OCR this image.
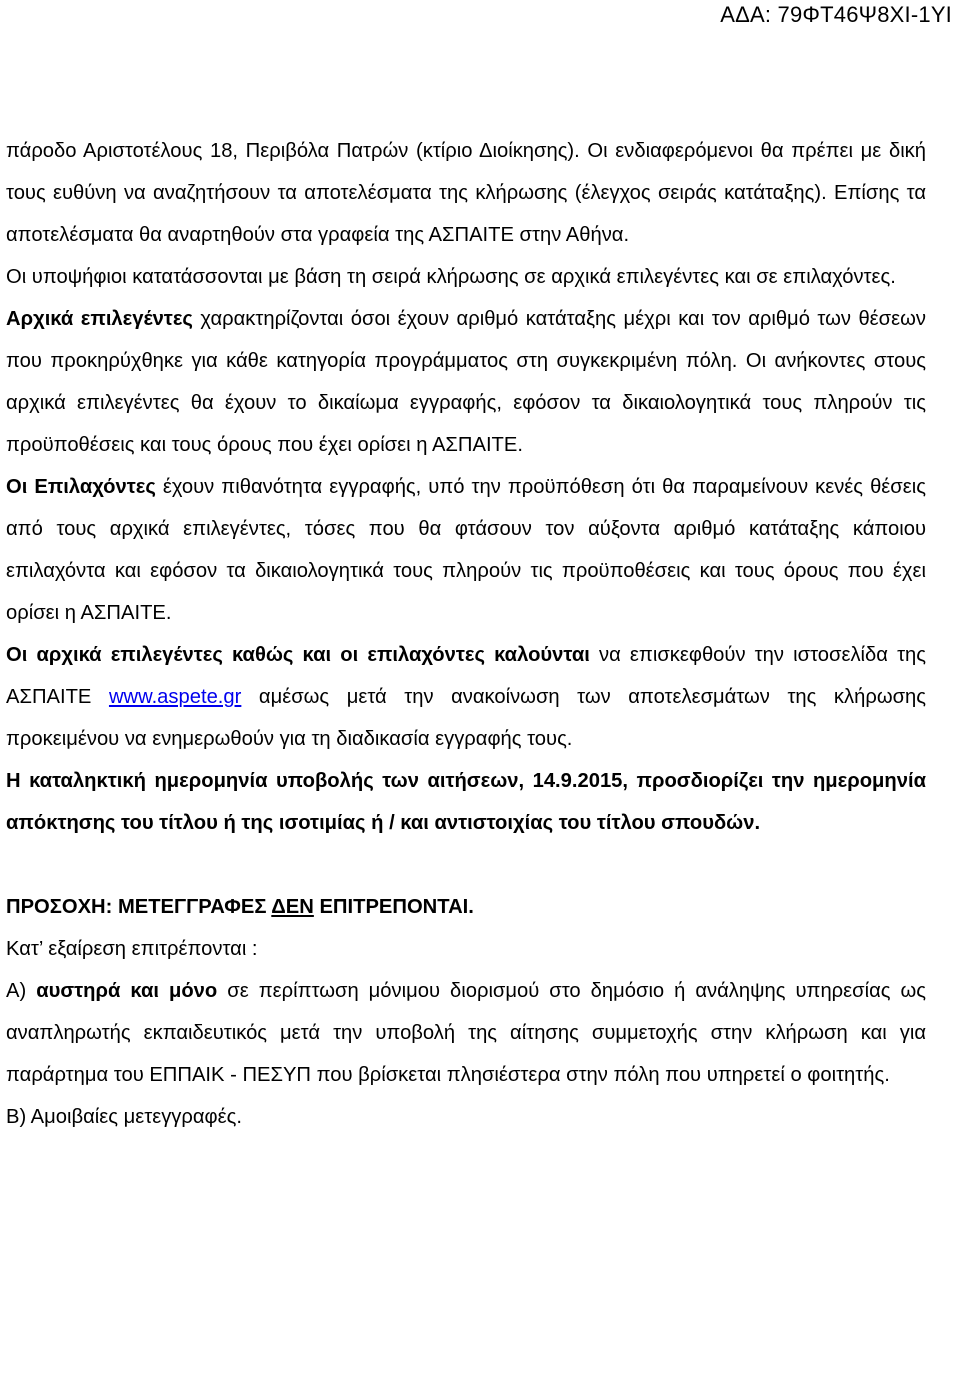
ΑΔΑ: 79ΦΤ46Ψ8ΧΙ-1ΥΙ

πάροδο Αριστοτέλους 18, Περιβόλα Πατρών (κτίριο Διοίκησης). Οι ενδιαφερόμενοι θα πρέπει με δική τους ευθύνη να αναζητήσουν τα αποτελέσματα της κλήρωσης (έλεγχος σειράς κατάταξης). Επίσης τα αποτελέσματα θα αναρτηθούν στα γραφεία της ΑΣΠΑΙΤΕ στην Αθήνα.

Οι υποψήφιοι κατατάσσονται με βάση τη σειρά κλήρωσης σε αρχικά επιλεγέντες και σε επιλαχόντες.

Αρχικά επιλεγέντες χαρακτηρίζονται όσοι έχουν αριθμό κατάταξης μέχρι και τον αριθμό των θέσεων που προκηρύχθηκε για κάθε κατηγορία προγράμματος στη συγκεκριμένη πόλη. Οι ανήκοντες στους αρχικά επιλεγέντες θα έχουν το δικαίωμα εγγραφής, εφόσον τα δικαιολογητικά τους πληρούν τις προϋποθέσεις και τους όρους που έχει ορίσει η ΑΣΠΑΙΤΕ.

Οι Επιλαχόντες έχουν πιθανότητα εγγραφής, υπό την προϋπόθεση ότι θα παραμείνουν κενές θέσεις από τους αρχικά επιλεγέντες, τόσες που θα φτάσουν τον αύξοντα αριθμό κατάταξης κάποιου επιλαχόντα και εφόσον τα δικαιολογητικά τους πληρούν τις προϋποθέσεις και τους όρους που έχει ορίσει η ΑΣΠΑΙΤΕ.

Οι αρχικά επιλεγέντες καθώς και οι επιλαχόντες καλούνται να επισκεφθούν την ιστοσελίδα της ΑΣΠΑΙΤΕ www.aspete.gr αμέσως μετά την ανακοίνωση των αποτελεσμάτων της κλήρωσης προκειμένου να ενημερωθούν για τη διαδικασία εγγραφής τους.

Η καταληκτική ημερομηνία υποβολής των αιτήσεων, 14.9.2015, προσδιορίζει την ημερομηνία απόκτησης του τίτλου ή της ισοτιμίας ή / και αντιστοιχίας του τίτλου σπουδών.

ΠΡΟΣΟΧΗ: ΜΕΤΕΓΓΡΑΦΕΣ ΔΕΝ ΕΠΙΤΡΕΠΟΝΤΑΙ.

Κατ’ εξαίρεση επιτρέπονται :

Α) αυστηρά και μόνο σε περίπτωση μόνιμου διορισμού στο δημόσιο ή ανάληψης υπηρεσίας ως αναπληρωτής εκπαιδευτικός μετά την υποβολή της αίτησης συμμετοχής στην κλήρωση και για παράρτημα του ΕΠΠΑΙΚ - ΠΕΣΥΠ που βρίσκεται πλησιέστερα στην πόλη που υπηρετεί ο φοιτητής.

Β) Αμοιβαίες μετεγγραφές.
